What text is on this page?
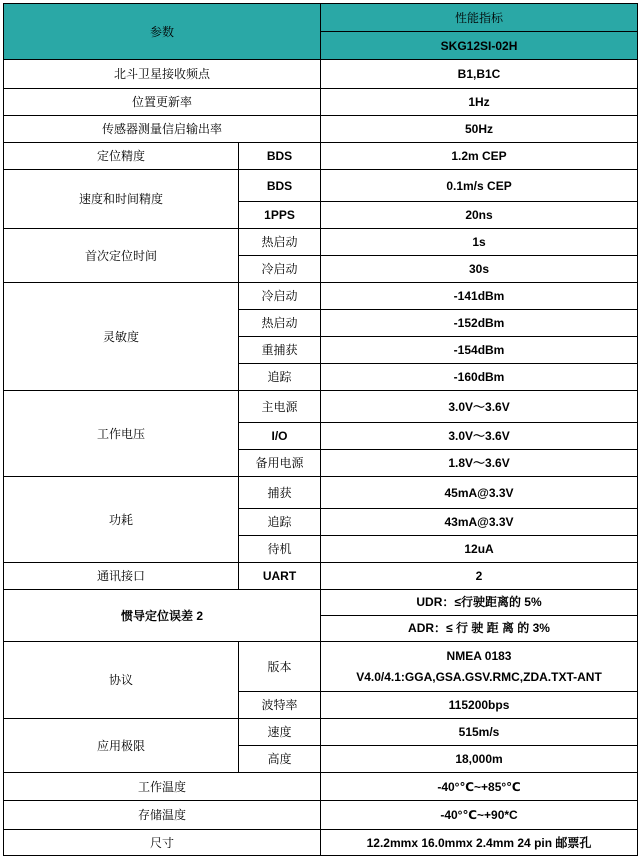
参数		性能指标
		SKG12SI-02H
北斗卫星接收频点		B1,B1C
位置更新率		1Hz
传感器测量信启输出率		50Hz
定位精度	BDS	1.2m CEP
速度和时间精度	BDS	0.1m/s CEP
	1PPS	20ns
首次定位时间	热启动	1s
	冷启动	30s
灵敏度	冷启动	-141dBm
	热启动	-152dBm
	重捕获	-154dBm
	追踪	-160dBm
工作电压	主电源	3.0V～3.6V
	I/O	3.0V～3.6V
	备用电源	1.8V～3.6V
功耗	捕获	45mA@3.3V
	追踪	43mA@3.3V
	待机	12uA
通讯接口	UART	2
惯导定位误差 2		UDR：≤行驶距离的 5%
ADR：≤ 行 驶 距 离 的 3%

协议	版本	NMEA 0183
V4.0/4.1:GGA,GSA.GSV.RMC,ZDA.TXT-ANT

	波特率	115200bps
应用极限	速度	515m/s
	高度	18,000m
工作温度		-40°℃~+85°℃
存储温度		-40°℃~+90*C
尺寸		12.2mmx 16.0mmx 2.4mm 24 pin 邮票孔
